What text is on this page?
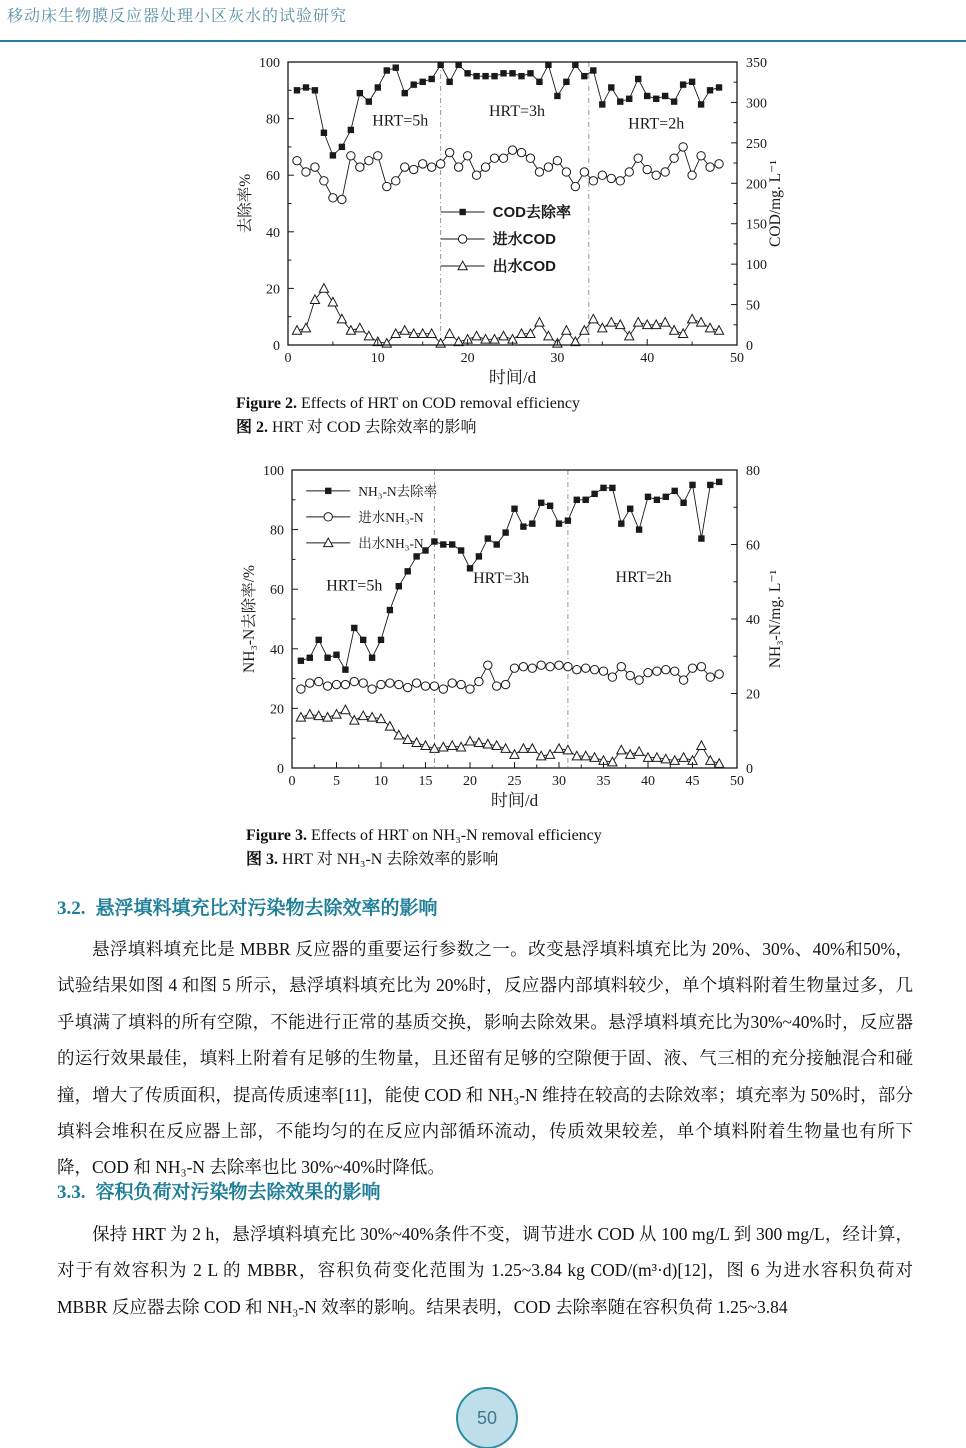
移动床生物膜反应器处理小区灰水的试验研究
0	10	20	30	40	50
0
20
40
60
80
100
0
50
100
150
200
250
300
350
时间/d
去除率%	COD/mg. L⁻¹
HRT=5h
HRT=3h
HRT=2h
COD去除率
进水COD
出水COD
Figure 2. Effects of HRT on COD removal efficiency
图 2. HRT 对 COD 去除效率的影响
0	5 10 15 20 25 30 35 40 45 50
0
20
40
60
80
100
0
20
40
60
80
时间/d
NH₃-N去除率/%	NH₃-N/mg. L⁻¹
HRT=5h	HRT=3h	HRT=2h
NH₃-N去除率
进水NH₃-N
出水NH₃-N
Figure 3. Effects of HRT on NH₃-N removal efficiency
图 3. HRT 对 NH₃-N 去除效率的影响
3.2. 悬浮填料填充比对污染物去除效率的影响

悬浮填料填充比是 MBBR 反应器的重要运行参数之一。改变悬浮填料填充比为 20%、30%、40%和50%，试验结果如图 4 和图 5 所示，悬浮填料填充比为 20%时，反应器内部填料较少，单个填料附着生物量过多，几乎填满了填料的所有空隙，不能进行正常的基质交换，影响去除效果。悬浮填料填充比为30%~40%时，反应器的运行效果最佳，填料上附着有足够的生物量，且还留有足够的空隙便于固、液、气三相的充分接触混合和碰撞，增大了传质面积，提高传质速率[11]，能使 COD 和 NH₃-N 维持在较高的去除效率；填充率为 50%时，部分填料会堆积在反应器上部，不能均匀的在反应内部循环流动，传质效果较差，单个填料附着生物量也有所下降，COD 和 NH₃-N 去除率也比 30%~40%时降低。

3.3. 容积负荷对污染物去除效果的影响

保持 HRT 为 2 h，悬浮填料填充比 30%~40%条件不变，调节进水 COD 从 100 mg/L 到 300 mg/L，经计算，对于有效容积为 2 L 的 MBBR，容积负荷变化范围为 1.25~3.84 kg COD/(m³·d)[12]，图 6 为进水容积负荷对 MBBR 反应器去除 COD 和 NH₃-N 效率的影响。结果表明，COD 去除率随在容积负荷 1.25~3.84

50
